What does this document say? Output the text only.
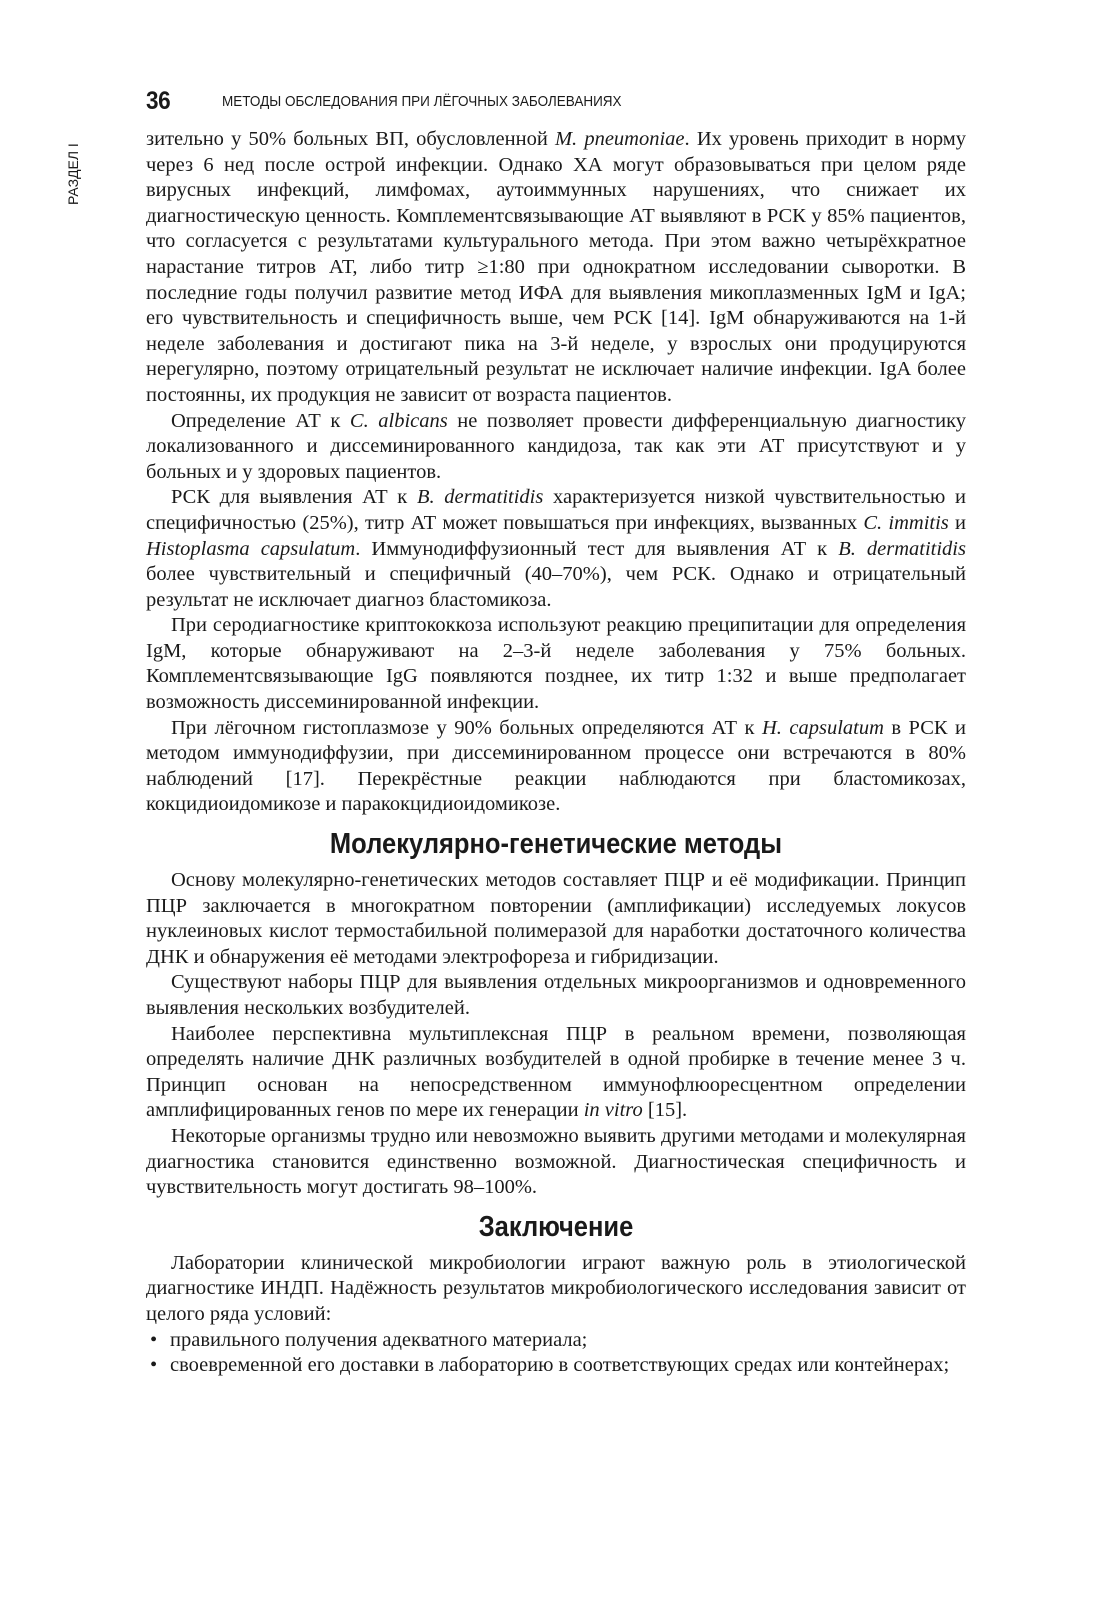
36	МЕТОДЫ ОБСЛЕДОВАНИЯ ПРИ ЛЁГОЧНЫХ ЗАБОЛЕВАНИЯХ
РАЗДЕЛ I

зительно у 50% больных ВП, обусловленной M. pneumoniae. Их уровень приходит в норму через 6 нед после острой инфекции. Однако ХА могут образовываться при целом ряде вирусных инфекций, лимфомах, аутоиммунных нарушениях, что снижает их диагностическую ценность. Комплементсвязывающие АТ выявляют в РСК у 85% пациентов, что согласуется с результатами культурального метода. При этом важно четырёхкратное нарастание титров АТ, либо титр ≥1:80 при однократном исследовании сыворотки. В последние годы получил развитие метод ИФА для выявления микоплазменных IgM и IgA; его чувствительность и специфичность выше, чем РСК [14]. IgM обнаруживаются на 1-й неделе заболевания и достигают пика на 3-й неделе, у взрослых они продуцируются нерегулярно, поэтому отрицательный результат не исключает наличие инфекции. IgA более постоянны, их продукция не зависит от возраста пациентов.

Определение АТ к C. albicans не позволяет провести дифференциальную диагностику локализованного и диссеминированного кандидоза, так как эти АТ присутствуют и у больных и у здоровых пациентов.

РСК для выявления АТ к B. dermatitidis характеризуется низкой чувствительностью и специфичностью (25%), титр АТ может повышаться при инфекциях, вызванных C. immitis и Histoplasma capsulatum. Иммунодиффузионный тест для выявления АТ к B. dermatitidis более чувствительный и специфичный (40–70%), чем РСК. Однако и отрицательный результат не исключает диагноз бластомикоза.

При серодиагностике криптококкоза используют реакцию преципитации для определения IgM, которые обнаруживают на 2–3-й неделе заболевания у 75% больных. Комплементсвязывающие IgG появляются позднее, их титр 1:32 и выше предполагает возможность диссеминированной инфекции.

При лёгочном гистоплазмозе у 90% больных определяются АТ к H. capsulatum в РСК и методом иммунодиффузии, при диссеминированном процессе они встречаются в 80% наблюдений [17]. Перекрёстные реакции наблюдаются при бластомикозах, кокцидиоидомикозе и паракокцидиоидомикозе.

Молекулярно-генетические методы

Основу молекулярно-генетических методов составляет ПЦР и её модификации. Принцип ПЦР заключается в многократном повторении (амплификации) исследуемых локусов нуклеиновых кислот термостабильной полимеразой для наработки достаточного количества ДНК и обнаружения её методами электрофореза и гибридизации.

Существуют наборы ПЦР для выявления отдельных микроорганизмов и одновременного выявления нескольких возбудителей.

Наиболее перспективна мультиплексная ПЦР в реальном времени, позволяющая определять наличие ДНК различных возбудителей в одной пробирке в течение менее 3 ч. Принцип основан на непосредственном иммунофлюоресцентном определении амплифицированных генов по мере их генерации in vitro [15].

Некоторые организмы трудно или невозможно выявить другими методами и молекулярная диагностика становится единственно возможной. Диагностическая специфичность и чувствительность могут достигать 98–100%.

Заключение

Лаборатории клинической микробиологии играют важную роль в этиологической диагностике ИНДП. Надёжность результатов микробиологического исследования зависит от целого ряда условий:

• правильного получения адекватного материала;
• своевременной его доставки в лабораторию в соответствующих средах или контейнерах;
